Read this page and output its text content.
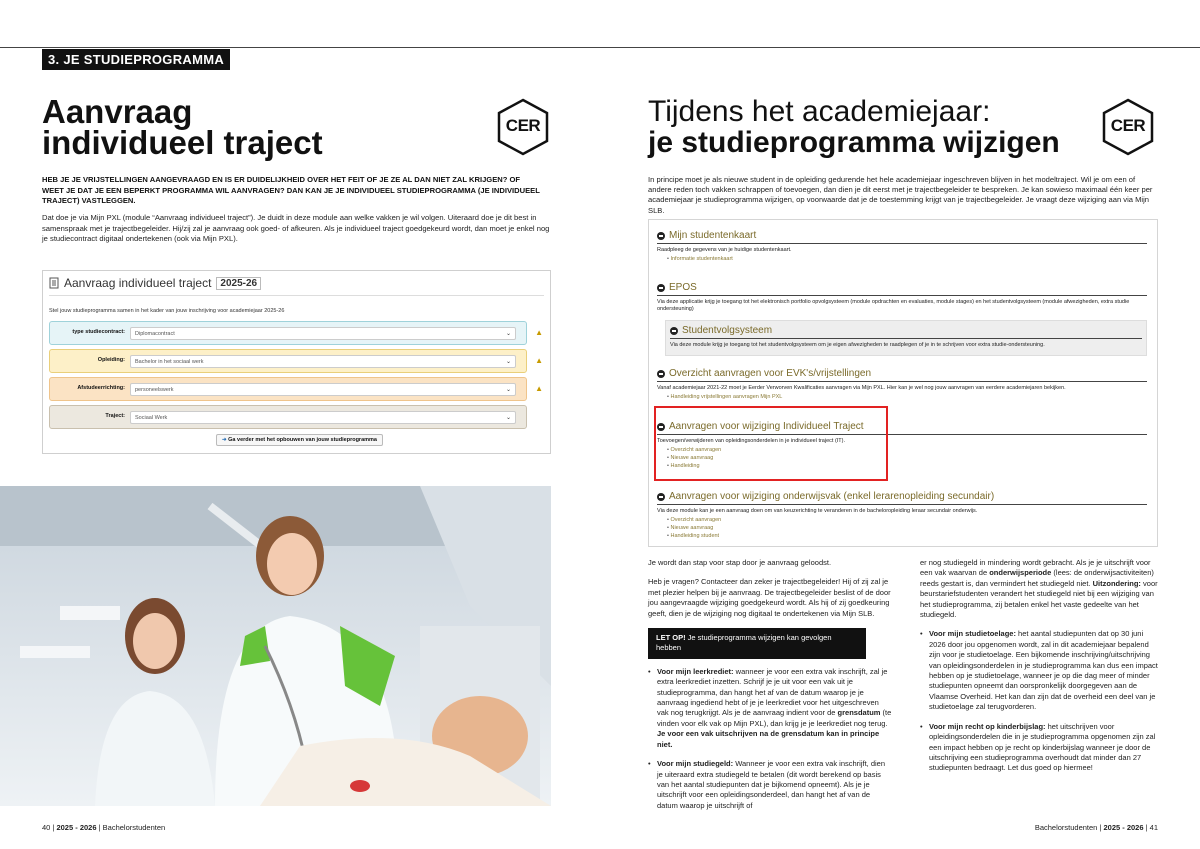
3. JE STUDIEPROGRAMMA
Aanvraag
individueel traject	CER
HEB JE JE VRIJSTELLINGEN AANGEVRAAGD EN IS ER DUIDELIJKHEID OVER HET FEIT OF JE ZE AL DAN NIET ZAL KRIJGEN? OF WEET JE DAT JE EEN BEPERKT PROGRAMMA WIL AANVRAGEN? DAN KAN JE JE INDIVIDUEEL STUDIEPROGRAMMA (JE INDIVIDUEEL TRAJECT) VASTLEGGEN.
Dat doe je via Mijn PXL (module “Aanvraag individueel traject”). Je duidt in deze module aan welke vakken je wil volgen. Uiteraard doe je dit best in samenspraak met je trajectbegeleider. Hij/zij zal je aanvraag ook goed- of afkeuren. Als je individueel traject goedgekeurd wordt, dan moet je enkel nog je studiecontract digitaal ondertekenen (ook via Mijn PXL).
Aanvraag individueel traject 2025-26
Stel jouw studieprogramma samen in het kader van jouw inschrijving voor academiejaar 2025-26
type studiecontract:	Diplomacontract	⌄	▲
Opleiding:	Bachelor in het sociaal werk	⌄	▲
Afstudeerrichting:	personeelswerk	⌄	▲
Traject:	Sociaal Werk	⌄
➜ Ga verder met het opbouwen van jouw studieprogramma
40 | 2025 - 2026 | Bachelorstudenten
Tijdens het academiejaar:
je studieprogramma wijzigen
CER
In principe moet je als nieuwe student in de opleiding gedurende het hele academiejaar ingeschreven blijven in het modeltraject. Wil je om een of andere reden toch vakken schrappen of toevoegen, dan dien je dit eerst met je trajectbegeleider te bespreken. Je kan sowieso maximaal één keer per academiejaar je studieprogramma wijzigen, op voorwaarde dat je de toestemming krijgt van je trajectbegeleider. Je vraagt deze wijziging aan via Mijn SLB.
Mijn studentenkaart
Raadpleeg de gegevens van je huidige studentenkaart.
• Informatie studentenkaart
EPOS
Via deze applicatie krijg je toegang tot het elektronisch portfolio opvolgsysteem (module opdrachten en evaluaties, module stages) en het studentvolgsysteem (module afwezigheden, extra studie ondersteuning)
Studentvolgsysteem
Via deze module krijg je toegang tot het studentvolgsysteem om je eigen afwezigheden te raadplegen of je in te schrijven voor extra studie-ondersteuning.
Overzicht aanvragen voor EVK's/vrijstellingen
Vanaf academiejaar 2021-22 moet je Eerder Verworven Kwalificaties aanvragen via Mijn PXL. Hier kan je wel nog jouw aanvragen van eerdere academiejaren bekijken.
• Handleiding vrijstellingen aanvragen Mijn PXL
Aanvragen voor wijziging Individueel Traject
Toevoegen/verwijderen van opleidingsonderdelen in je individueel traject (IT).
• Overzicht aanvragen
• Nieuwe aanvraag
• Handleiding
Aanvragen voor wijziging onderwijsvak (enkel lerarenopleiding secundair)
Via deze module kan je een aanvraag doen om van keuzerichting te veranderen in de bacheloropleiding leraar secundair onderwijs.
• Overzicht aanvragen
• Nieuwe aanvraag
• Handleiding student

Je wordt dan stap voor stap door je aanvraag geloodst.

Heb je vragen? Contacteer dan zeker je trajectbegeleider! Hij of zij zal je met plezier helpen bij je aanvraag. De trajectbegeleider beslist of de door jou aangevraagde wijziging goedgekeurd wordt. Als hij of zij goedkeuring geeft, dien je de wijziging nog digitaal te ondertekenen via Mijn SLB.

LET OP! Je studieprogramma wijzigen kan gevolgen hebben
• Voor mijn leerkrediet: wanneer je voor een extra vak inschrijft, zal je extra leerkrediet inzetten. Schrijf je je uit voor een vak uit je studieprogramma, dan hangt het af van de datum waarop je je aanvraag ingediend hebt of je je leerkrediet voor het uitgeschreven vak nog terugkrijgt. Als je de aanvraag indient voor de grensdatum (te vinden voor elk vak op Mijn PXL), dan krijg je je leerkrediet nog terug. Je voor een vak uitschrijven na de grensdatum kan in principe niet.
• Voor mijn studiegeld: Wanneer je voor een extra vak inschrijft, dien je uiteraard extra studiegeld te betalen (dit wordt berekend op basis van het aantal studiepunten dat je bijkomend opneemt). Als je je uitschrijft voor een opleidingsonderdeel, dan hangt het af van de datum waarop je uitschrijft of

er nog studiegeld in mindering wordt gebracht. Als je je uitschrijft voor een vak waarvan de onderwijsperiode (lees: de onderwijsactiviteiten) reeds gestart is, dan vermindert het studiegeld niet. Uitzondering: voor beurstariefstudenten verandert het studiegeld niet bij een wijziging van het studieprogramma, zij betalen enkel het vaste gedeelte van het studiegeld.

• Voor mijn studietoelage: het aantal studiepunten dat op 30 juni 2026 door jou opgenomen wordt, zal in dit academiejaar bepalend zijn voor je studietoelage. Een bijkomende inschrijving/uitschrijving van opleidingsonderdelen in je studieprogramma kan dus een impact hebben op je studietoelage, wanneer je op die dag meer of minder studiepunten opneemt dan oorspronkelijk doorgegeven aan de Vlaamse Overheid. Het kan dan zijn dat de overheid een deel van je studietoelage zal terugvorderen.
• Voor mijn recht op kinderbijslag: het uitschrijven voor opleidingsonderdelen die in je studieprogramma opgenomen zijn zal een impact hebben op je recht op kinderbijslag wanneer je door de uitschrijving een studieprogramma overhoudt dat minder dan 27 studiepunten bedraagt. Let dus goed op hiermee!
Bachelorstudenten | 2025 - 2026 | 41
